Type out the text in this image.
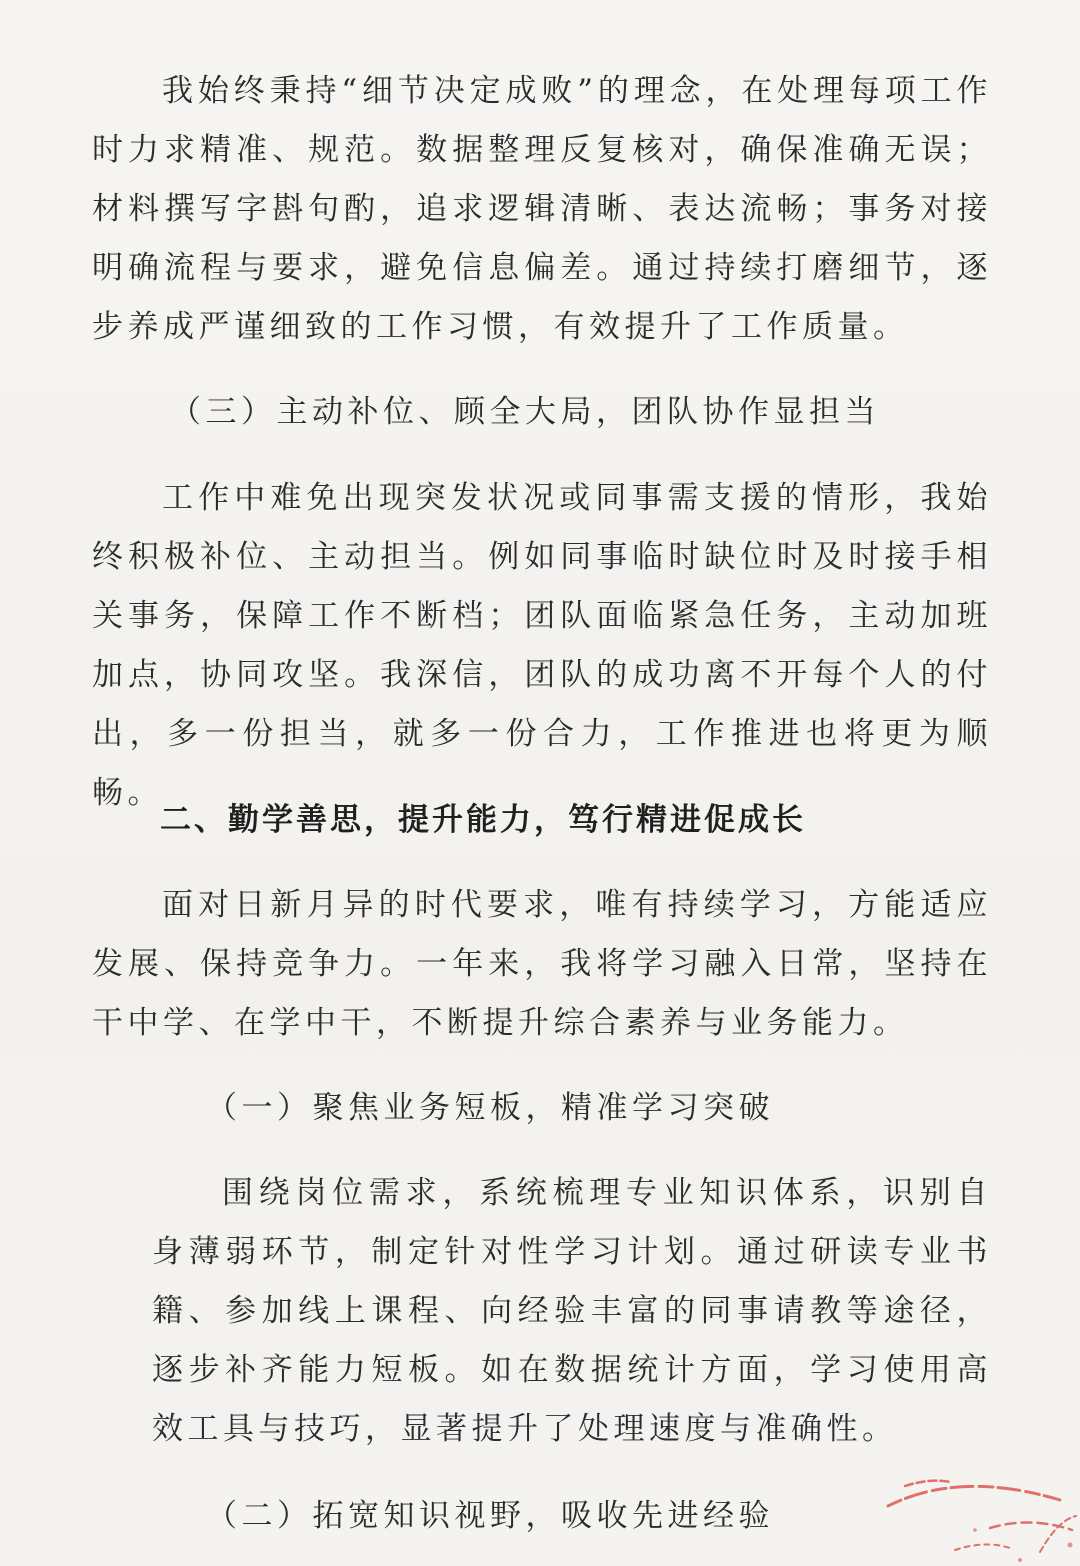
我始终秉持“细节决定成败”的理念，在处理每项工作时力求精准、规范。数据整理反复核对，确保准确无误；材料撰写字斟句酌，追求逻辑清晰、表达流畅；事务对接明确流程与要求，避免信息偏差。通过持续打磨细节，逐步养成严谨细致的工作习惯，有效提升了工作质量。

（三）主动补位、顾全大局，团队协作显担当

工作中难免出现突发状况或同事需支援的情形，我始终积极补位、主动担当。例如同事临时缺位时及时接手相关事务，保障工作不断档；团队面临紧急任务，主动加班加点，协同攻坚。我深信，团队的成功离不开每个人的付出，多一份担当，就多一份合力，工作推进也将更为顺畅。

二、勤学善思，提升能力，笃行精进促成长

面对日新月异的时代要求，唯有持续学习，方能适应发展、保持竞争力。一年来，我将学习融入日常，坚持在干中学、在学中干，不断提升综合素养与业务能力。

（一）聚焦业务短板，精准学习突破

围绕岗位需求，系统梳理专业知识体系，识别自身薄弱环节，制定针对性学习计划。通过研读专业书籍、参加线上课程、向经验丰富的同事请教等途径，逐步补齐能力短板。如在数据统计方面，学习使用高效工具与技巧，显著提升了处理速度与准确性。

（二）拓宽知识视野，吸收先进经验
